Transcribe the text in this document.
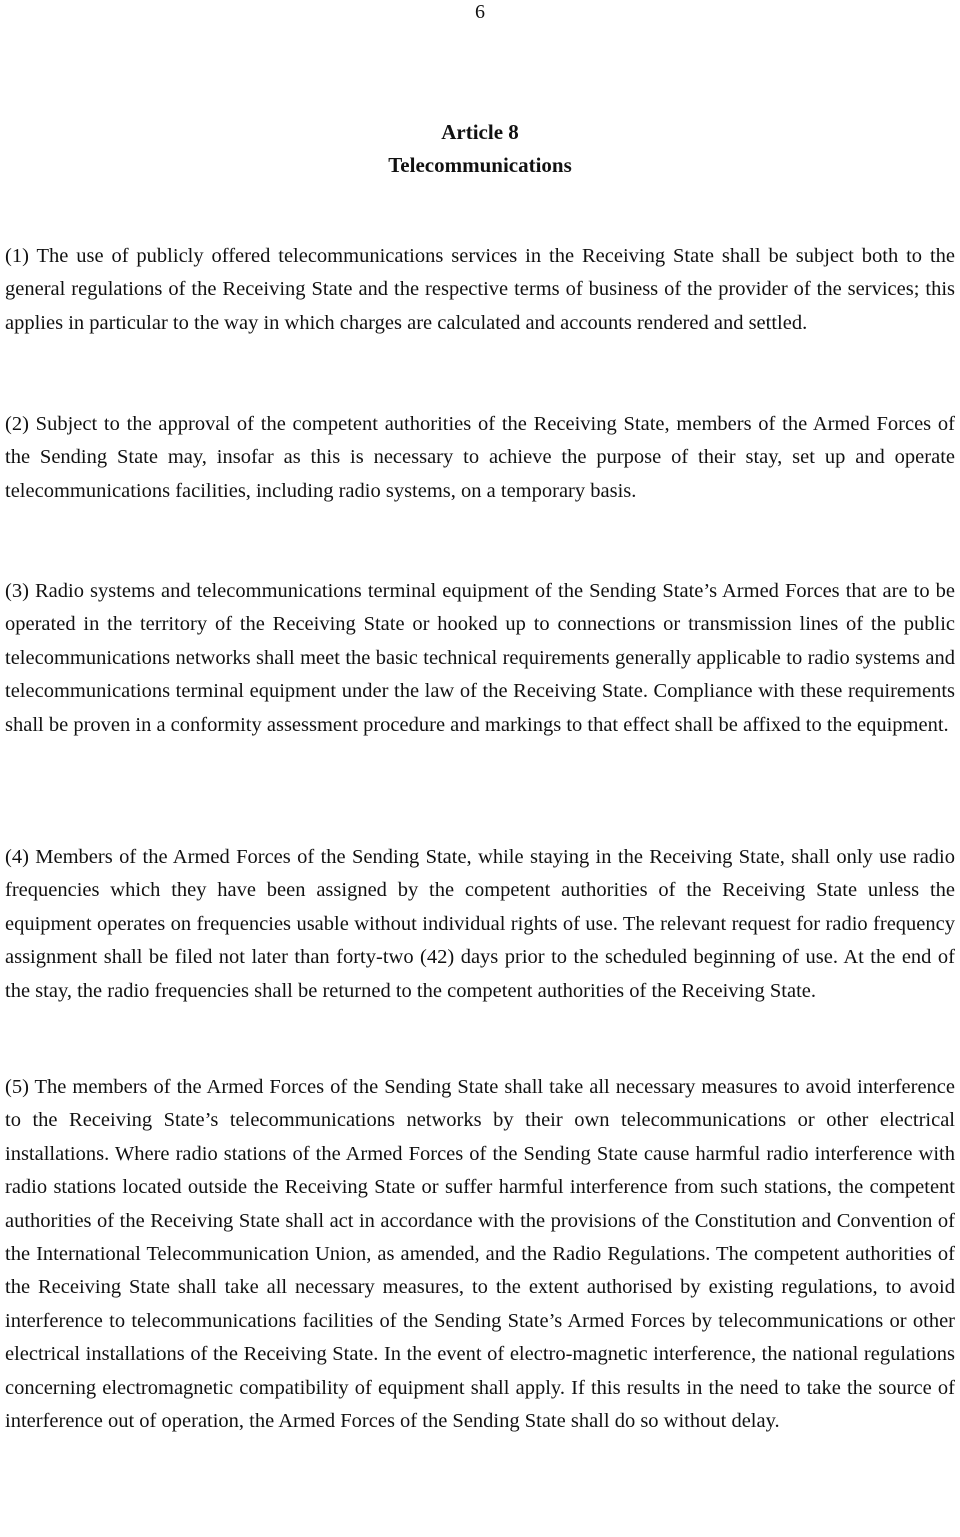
6
Article 8
Telecommunications

(1) The use of publicly offered telecommunications services in the Receiving State shall be subject both to the general regulations of the Receiving State and the respective terms of business of the provider of the services; this applies in particular to the way in which charges are calculated and accounts rendered and settled.

(2) Subject to the approval of the competent authorities of the Receiving State, members of the Armed Forces of the Sending State may, insofar as this is necessary to achieve the purpose of their stay, set up and operate telecommunications facilities, including radio systems, on a temporary basis.

(3) Radio systems and telecommunications terminal equipment of the Sending State’s Armed Forces that are to be operated in the territory of the Receiving State or hooked up to connections or transmission lines of the public telecommunications networks shall meet the basic technical requirements generally applicable to radio systems and telecommunications terminal equipment under the law of the Receiving State. Compliance with these requirements shall be proven in a conformity assessment procedure and markings to that effect shall be affixed to the equipment.

(4) Members of the Armed Forces of the Sending State, while staying in the Receiving State, shall only use radio frequencies which they have been assigned by the competent authorities of the Receiving State unless the equipment operates on frequencies usable without individual rights of use. The relevant request for radio frequency assignment shall be filed not later than forty-two (42) days prior to the scheduled beginning of use. At the end of the stay, the radio frequencies shall be returned to the competent authorities of the Receiving State.

(5) The members of the Armed Forces of the Sending State shall take all necessary measures to avoid interference to the Receiving State’s telecommunications networks by their own telecommunications or other electrical installations. Where radio stations of the Armed Forces of the Sending State cause harmful radio interference with radio stations located outside the Receiving State or suffer harmful interference from such stations, the competent authorities of the Receiving State shall act in accordance with the provisions of the Constitution and Convention of the International Telecommunication Union, as amended, and the Radio Regulations. The competent authorities of the Receiving State shall take all necessary measures, to the extent authorised by existing regulations, to avoid interference to telecommunications facilities of the Sending State’s Armed Forces by telecommunications or other electrical installations of the Receiving State. In the event of electro-magnetic interference, the national regulations concerning electromagnetic compatibility of equipment shall apply. If this results in the need to take the source of interference out of operation, the Armed Forces of the Sending State shall do so without delay.
